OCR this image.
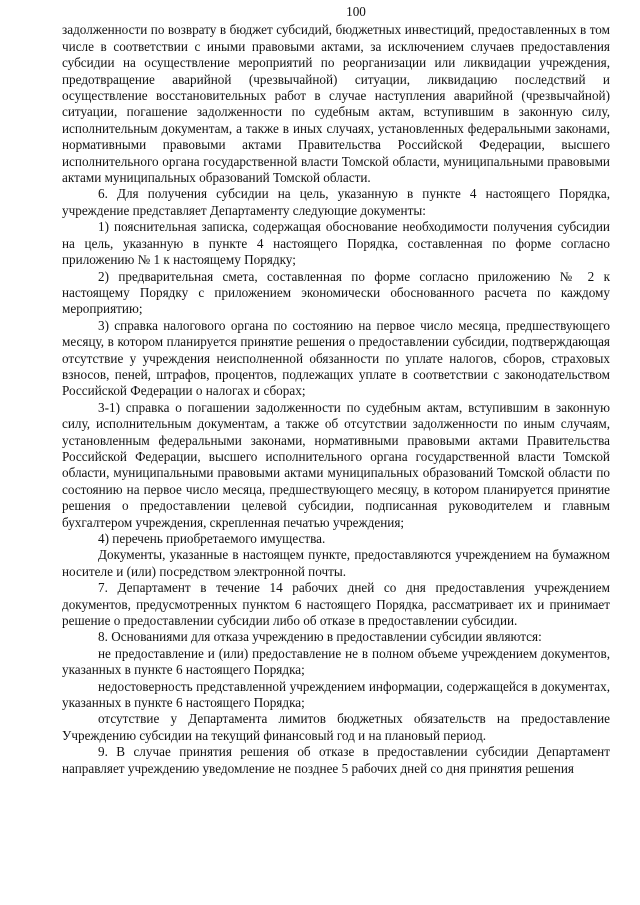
100

задолженности по возврату в бюджет субсидий, бюджетных инвестиций, предоставленных в том числе в соответствии с иными правовыми актами, за исключением случаев предоставления субсидии на осуществление мероприятий по реорганизации или ликвидации учреждения, предотвращение аварийной (чрезвычайной) ситуации, ликвидацию последствий и осуществление восстановительных работ в случае наступления аварийной (чрезвычайной) ситуации, погашение задолженности по судебным актам, вступившим в законную силу, исполнительным документам, а также в иных случаях, установленных федеральными законами, нормативными правовыми актами Правительства Российской Федерации, высшего исполнительного органа государственной власти Томской области, муниципальными правовыми актами муниципальных образований Томской области.

6. Для получения субсидии на цель, указанную в пункте 4 настоящего Порядка, учреждение представляет Департаменту следующие документы:

1) пояснительная записка, содержащая обоснование необходимости получения субсидии на цель, указанную в пункте 4 настоящего Порядка, составленная по форме согласно приложению № 1 к настоящему Порядку;

2) предварительная смета, составленная по форме согласно приложению № 2 к настоящему Порядку с приложением экономически обоснованного расчета по каждому мероприятию;

3) справка налогового органа по состоянию на первое число месяца, предшествующего месяцу, в котором планируется принятие решения о предоставлении субсидии, подтверждающая отсутствие у учреждения неисполненной обязанности по уплате налогов, сборов, страховых взносов, пеней, штрафов, процентов, подлежащих уплате в соответствии с законодательством Российской Федерации о налогах и сборах;

3-1) справка о погашении задолженности по судебным актам, вступившим в законную силу, исполнительным документам, а также об отсутствии задолженности по иным случаям, установленным федеральными законами, нормативными правовыми актами Правительства Российской Федерации, высшего исполнительного органа государственной власти Томской области, муниципальными правовыми актами муниципальных образований Томской области по состоянию на первое число месяца, предшествующего месяцу, в котором планируется принятие решения о предоставлении целевой субсидии, подписанная руководителем и главным бухгалтером учреждения, скрепленная печатью учреждения;

4) перечень приобретаемого имущества.

Документы, указанные в настоящем пункте, предоставляются учреждением на бумажном носителе и (или) посредством электронной почты.

7. Департамент в течение 14 рабочих дней со дня предоставления учреждением документов, предусмотренных пунктом 6 настоящего Порядка, рассматривает их и принимает решение о предоставлении субсидии либо об отказе в предоставлении субсидии.

8. Основаниями для отказа учреждению в предоставлении субсидии являются:

не предоставление и (или) предоставление не в полном объеме учреждением документов, указанных в пункте 6 настоящего Порядка;

недостоверность представленной учреждением информации, содержащейся в документах, указанных в пункте 6 настоящего Порядка;

отсутствие у Департамента лимитов бюджетных обязательств на предоставление Учреждению субсидии на текущий финансовый год и на плановый период.

9. В случае принятия решения об отказе в предоставлении субсидии Департамент направляет учреждению уведомление не позднее 5 рабочих дней со дня принятия решения
